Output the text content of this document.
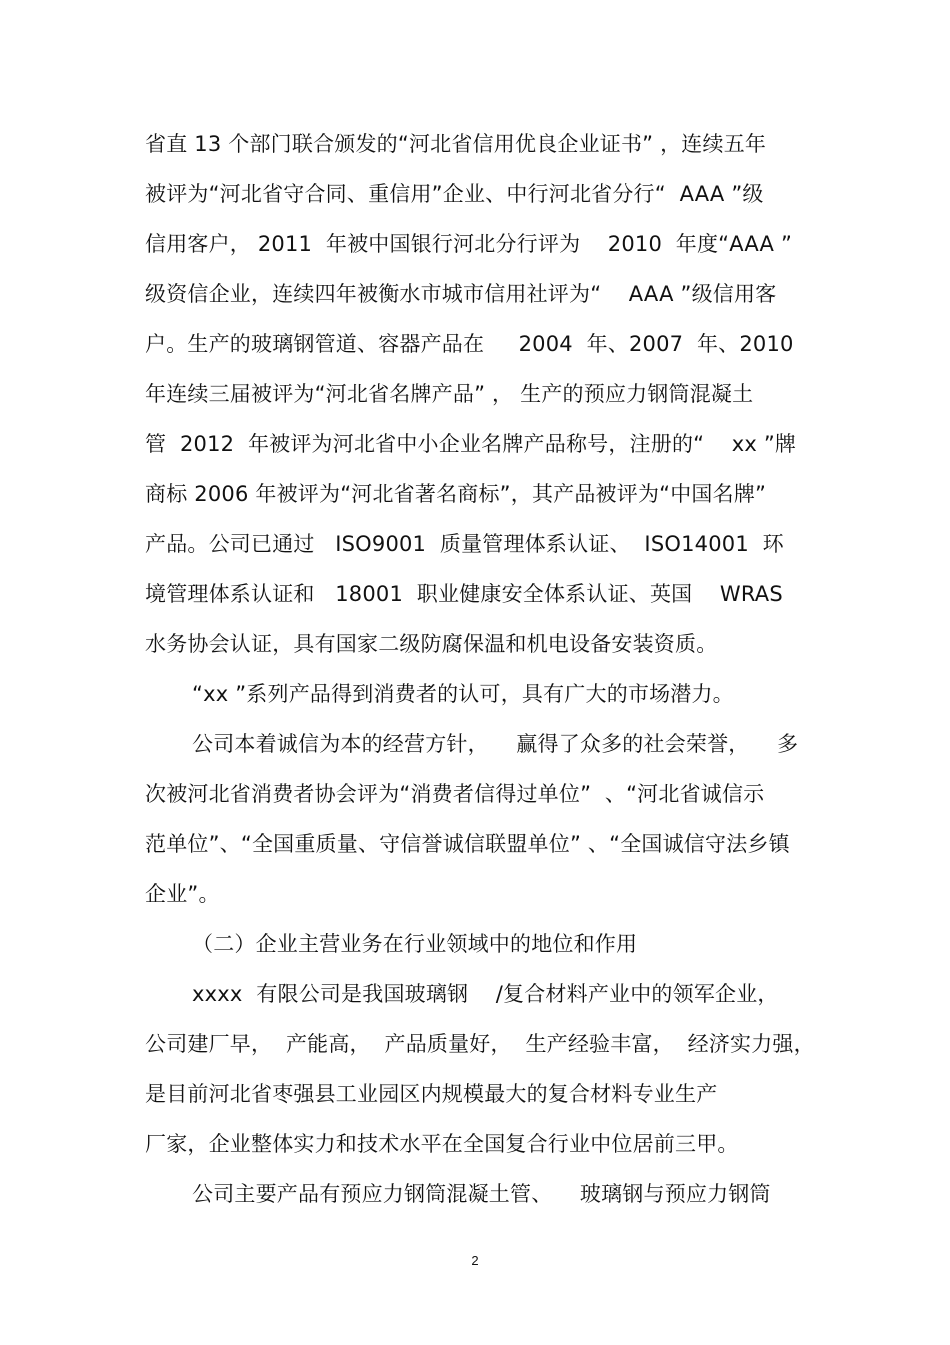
省直 13 个部门联合颁发的“河北省信用优良企业证书” ，连续五年
被评为“河北省守合同、重信用”企业、中行河北省分行“  AAA ”级
信用客户， 2011  年被中国银行河北分行评为    2010  年度“AAA ”
级资信企业，连续四年被衡水市城市信用社评为“    AAA ”级信用客
户。生产的玻璃钢管道、容器产品在     2004  年、2007  年、2010
年连续三届被评为“河北省名牌产品” ， 生产的预应力钢筒混凝土
管  2012  年被评为河北省中小企业名牌产品称号，注册的“    xx ”牌
商标 2006 年被评为“河北省著名商标”，其产品被评为“中国名牌”
产品。公司已通过   ISO9001  质量管理体系认证、  ISO14001  环
境管理体系认证和   18001  职业健康安全体系认证、英国    WRAS
水务协会认证，具有国家二级防腐保温和机电设备安装资质。
“xx ”系列产品得到消费者的认可，具有广大的市场潜力。
公司本着诚信为本的经营方针，    赢得了众多的社会荣誉，    多
次被河北省消费者协会评为“消费者信得过单位”  、“河北省诚信示
范单位”、“全国重质量、守信誉诚信联盟单位” 、“全国诚信守法乡镇
企业”。
（二）企业主营业务在行业领域中的地位和作用
xxxx  有限公司是我国玻璃钢    /复合材料产业中的领军企业，
公司建厂早，  产能高，  产品质量好，  生产经验丰富，  经济实力强，
是目前河北省枣强县工业园区内规模最大的复合材料专业生产
厂家，企业整体实力和技术水平在全国复合行业中位居前三甲。
公司主要产品有预应力钢筒混凝土管、    玻璃钢与预应力钢筒
2
